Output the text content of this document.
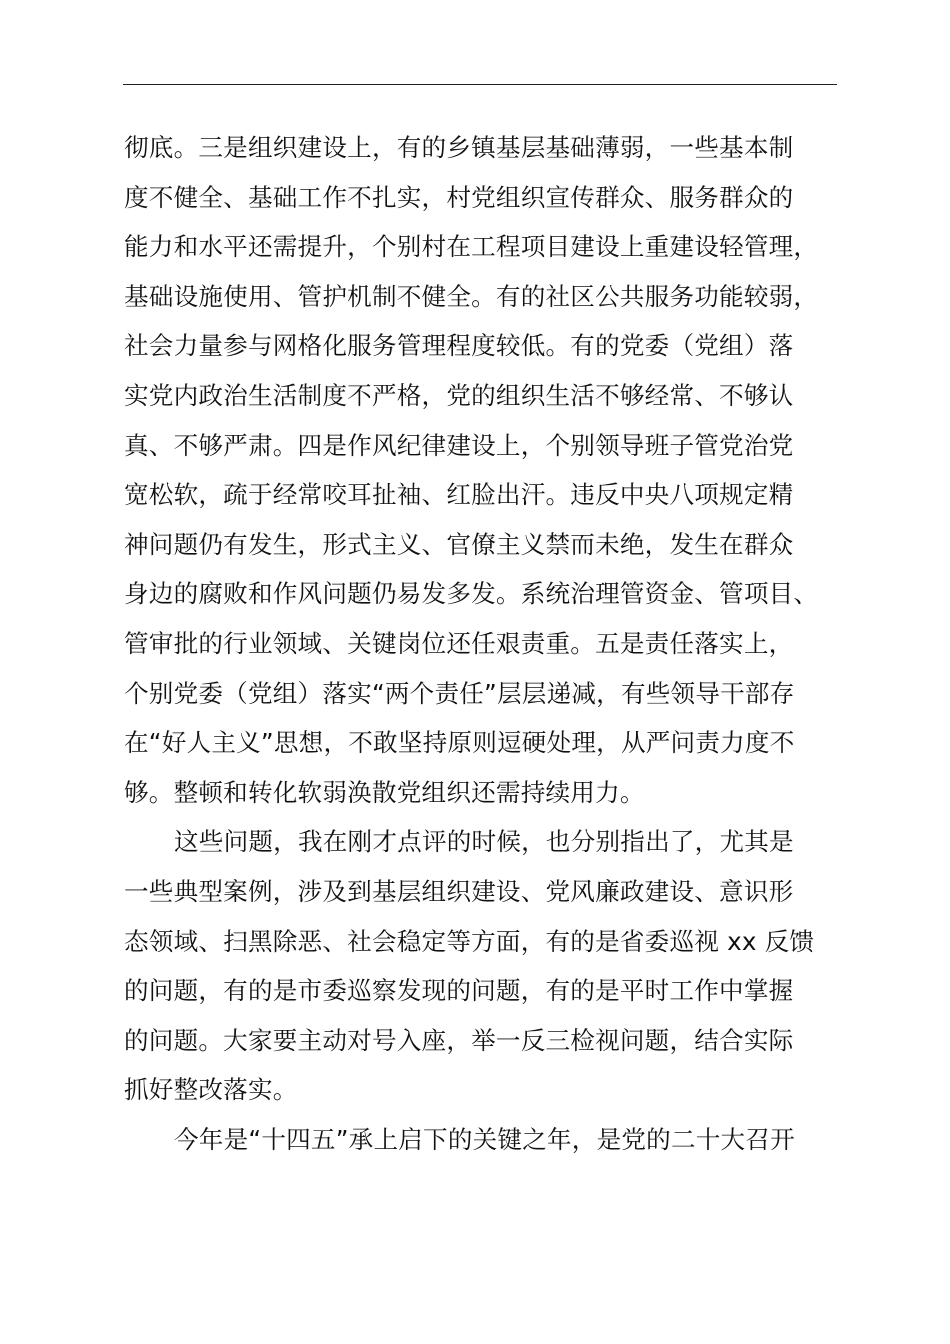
彻底。三是组织建设上，有的乡镇基层基础薄弱，一些基本制
度不健全、基础工作不扎实，村党组织宣传群众、服务群众的
能力和水平还需提升，个别村在工程项目建设上重建设轻管理，
基础设施使用、管护机制不健全。有的社区公共服务功能较弱，
社会力量参与网格化服务管理程度较低。有的党委（党组）落
实党内政治生活制度不严格，党的组织生活不够经常、不够认
真、不够严肃。四是作风纪律建设上，个别领导班子管党治党
宽松软，疏于经常咬耳扯袖、红脸出汗。违反中央八项规定精
神问题仍有发生，形式主义、官僚主义禁而未绝，发生在群众
身边的腐败和作风问题仍易发多发。系统治理管资金、管项目、
管审批的行业领域、关键岗位还任艰责重。五是责任落实上，
个别党委（党组）落实“两个责任”层层递减，有些领导干部存
在“好人主义”思想，不敢坚持原则逗硬处理，从严问责力度不
够。整顿和转化软弱涣散党组织还需持续用力。
这些问题，我在刚才点评的时候，也分别指出了，尤其是
一些典型案例，涉及到基层组织建设、党风廉政建设、意识形
态领域、扫黑除恶、社会稳定等方面，有的是省委巡视 xx 反馈
的问题，有的是市委巡察发现的问题，有的是平时工作中掌握
的问题。大家要主动对号入座，举一反三检视问题，结合实际
抓好整改落实。
今年是“十四五”承上启下的关键之年，是党的二十大召开
